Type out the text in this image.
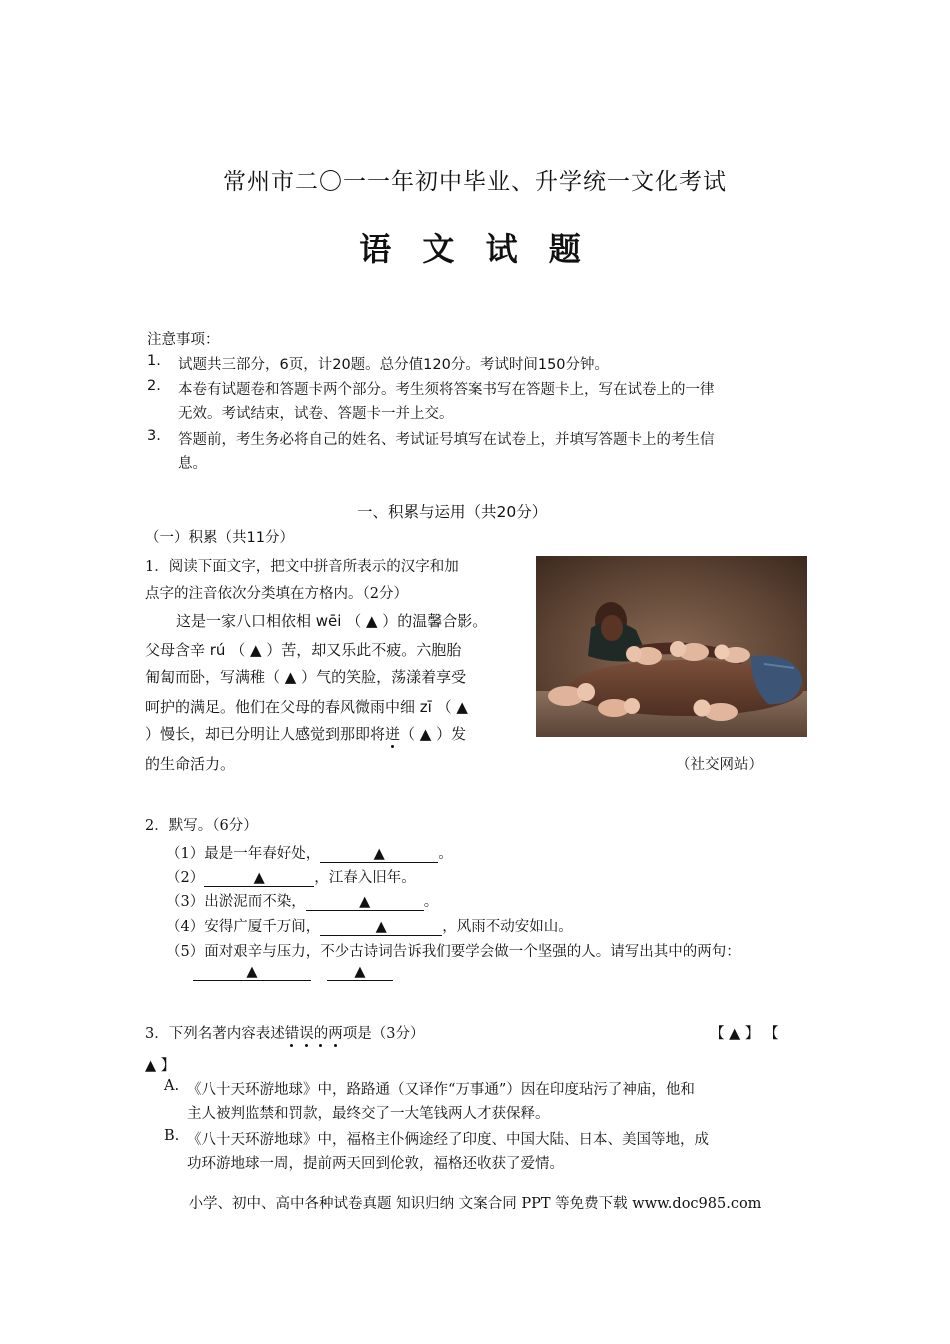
常州市二〇一一年初中毕业、升学统一文化考试
语 文 试 题
注意事项：
1. 试题共三部分，6页，计20题。总分值120分。考试时间150分钟。
2. 本卷有试题卷和答题卡两个部分。考生须将答案书写在答题卡上，写在试卷上的一律
无效。考试结束，试卷、答题卡一并上交。
3. 答题前，考生务必将自己的姓名、考试证号填写在试卷上，并填写答题卡上的考生信
息。
一、积累与运用（共20分）
（一）积累（共11分）
1．阅读下面文字，把文中拼音所表示的汉字和加
点字的注音依次分类填在方格内。（2分）
这是一家八口相依相 wēi （ ▲ ）的温馨合影。
父母含辛 rú （ ▲ ）苦，却又乐此不疲。六胞胎
匍匐而卧，写满稚（ ▲ ）气的笑脸，荡漾着享受
呵护的满足。他们在父母的春风微雨中细 zī （ ▲
）慢长，却已分明让人感觉到那即将迸（ ▲ ）发
的生命活力。	（社交网站）
2．默写。（6分）
（1）最是一年春好处，	▲	。
（2）	▲	，江春入旧年。
（3）出淤泥而不染，	▲	。
（4）安得广厦千万间，	▲	，风雨不动安如山。
（5）面对艰辛与压力，不少古诗词告诉我们要学会做一个坚强的人。请写出其中的两句：
▲	▲
3．下列名著内容表述错误的两项是（3分）	【 ▲ 】 【
▲ 】
A. 《八十天环游地球》中，路路通（又译作“万事通”）因在印度玷污了神庙，他和
主人被判监禁和罚款，最终交了一大笔钱两人才获保释。
B. 《八十天环游地球》中，福格主仆俩途经了印度、中国大陆、日本、美国等地，成
功环游地球一周，提前两天回到伦敦，福格还收获了爱情。
小学、初中、高中各种试卷真题 知识归纳 文案合同 PPT 等免费下载 www.doc985.com
